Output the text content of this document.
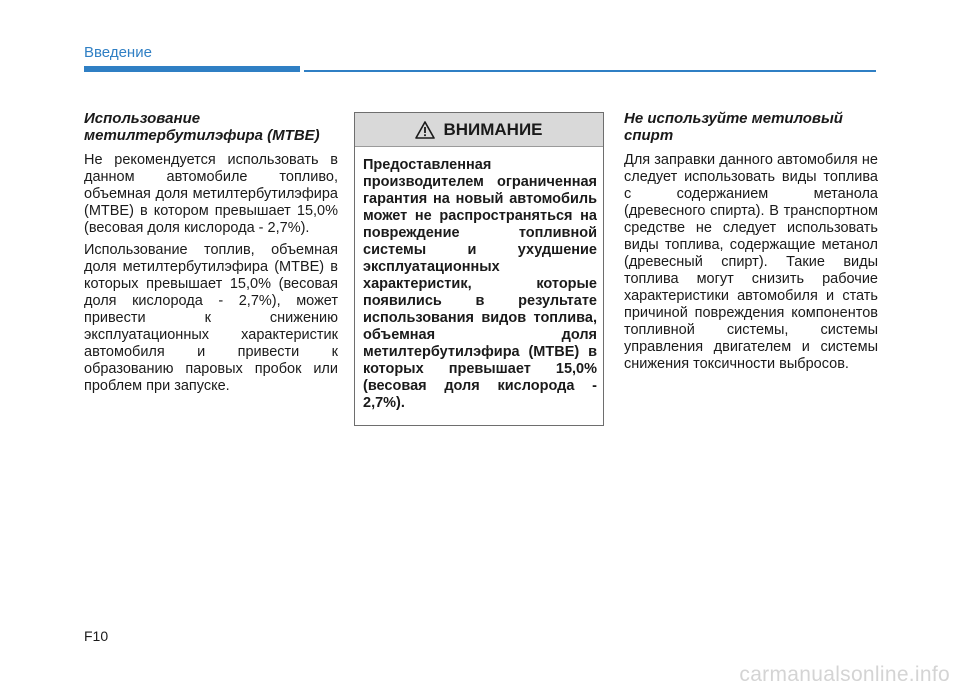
Введение
Использование метилтербутилэфира (MTBE)

Не рекомендуется использовать в данном автомобиле топливо, объемная доля метилтербутилэфира (MTBE) в котором превышает 15,0% (весовая доля кислорода - 2,7%).

Использование топлив, объемная доля метилтербутилэфира (MTBE) в которых превышает 15,0% (весовая доля кислорода - 2,7%), может привести к снижению эксплуатационных характеристик автомобиля и привести к образованию паровых пробок или проблем при запуске.

ВНИМАНИЕ
Предоставленная производителем ограниченная гарантия на новый автомобиль может не распространяться на повреждение топливной системы и ухудшение эксплуатационных характеристик, которые появились в результате использования видов топлива, объемная доля метилтербутилэфира (MTBE) в которых превышает 15,0% (весовая доля кислорода - 2,7%).
Не используйте метиловый спирт

Для заправки данного автомобиля не следует использовать виды топлива с содержанием метанола (древесного спирта). В транспортном средстве не следует использовать виды топлива, содержащие метанол (древесный спирт). Такие виды топлива могут снизить рабочие характеристики автомобиля и стать причиной повреждения компонентов топливной системы, системы управления двигателем и системы снижения токсичности выбросов.

F10
carmanualsonline.info
